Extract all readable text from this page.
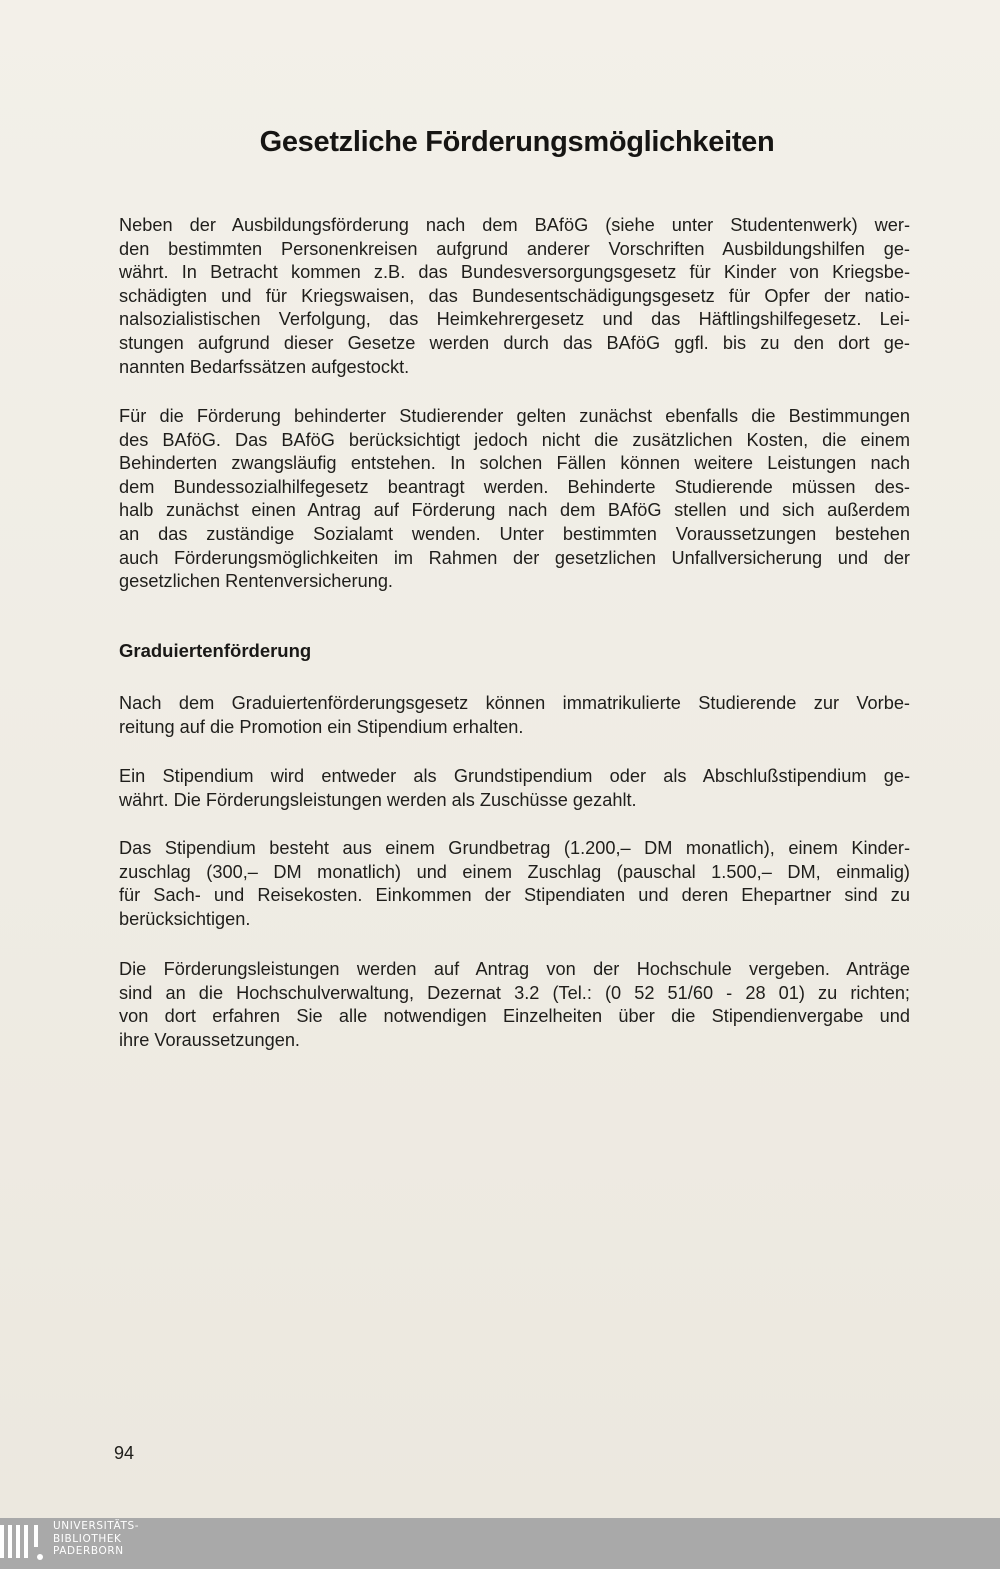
Gesetzliche Förderungsmöglichkeiten

Neben der Ausbildungsförderung nach dem BAföG (siehe unter Studentenwerk) wer-
den bestimmten Personenkreisen aufgrund anderer Vorschriften Ausbildungshilfen ge-
währt. In Betracht kommen z.B. das Bundesversorgungsgesetz für Kinder von Kriegsbe-
schädigten und für Kriegswaisen, das Bundesentschädigungsgesetz für Opfer der natio-
nalsozialistischen Verfolgung, das Heimkehrergesetz und das Häftlingshilfegesetz. Lei-
stungen aufgrund dieser Gesetze werden durch das BAföG ggfl. bis zu den dort ge-
nannten Bedarfssätzen aufgestockt.

Für die Förderung behinderter Studierender gelten zunächst ebenfalls die Bestimmungen
des BAföG. Das BAföG berücksichtigt jedoch nicht die zusätzlichen Kosten, die einem
Behinderten zwangsläufig entstehen. In solchen Fällen können weitere Leistungen nach
dem Bundessozialhilfegesetz beantragt werden. Behinderte Studierende müssen des-
halb zunächst einen Antrag auf Förderung nach dem BAföG stellen und sich außerdem
an das zuständige Sozialamt wenden. Unter bestimmten Voraussetzungen bestehen
auch Förderungsmöglichkeiten im Rahmen der gesetzlichen Unfallversicherung und der
gesetzlichen Rentenversicherung.

Graduiertenförderung

Nach dem Graduiertenförderungsgesetz können immatrikulierte Studierende zur Vorbe-
reitung auf die Promotion ein Stipendium erhalten.

Ein Stipendium wird entweder als Grundstipendium oder als Abschlußstipendium ge-
währt. Die Förderungsleistungen werden als Zuschüsse gezahlt.

Das Stipendium besteht aus einem Grundbetrag (1.200,– DM monatlich), einem Kinder-
zuschlag (300,– DM monatlich) und einem Zuschlag (pauschal 1.500,– DM, einmalig)
für Sach- und Reisekosten. Einkommen der Stipendiaten und deren Ehepartner sind zu
berücksichtigen.

Die Förderungsleistungen werden auf Antrag von der Hochschule vergeben. Anträge
sind an die Hochschulverwaltung, Dezernat 3.2 (Tel.: (0 52 51/60 - 28 01) zu richten;
von dort erfahren Sie alle notwendigen Einzelheiten über die Stipendienvergabe und
ihre Voraussetzungen.

94
UNIVERSITÄTS-
BIBLIOTHEK
PADERBORN
